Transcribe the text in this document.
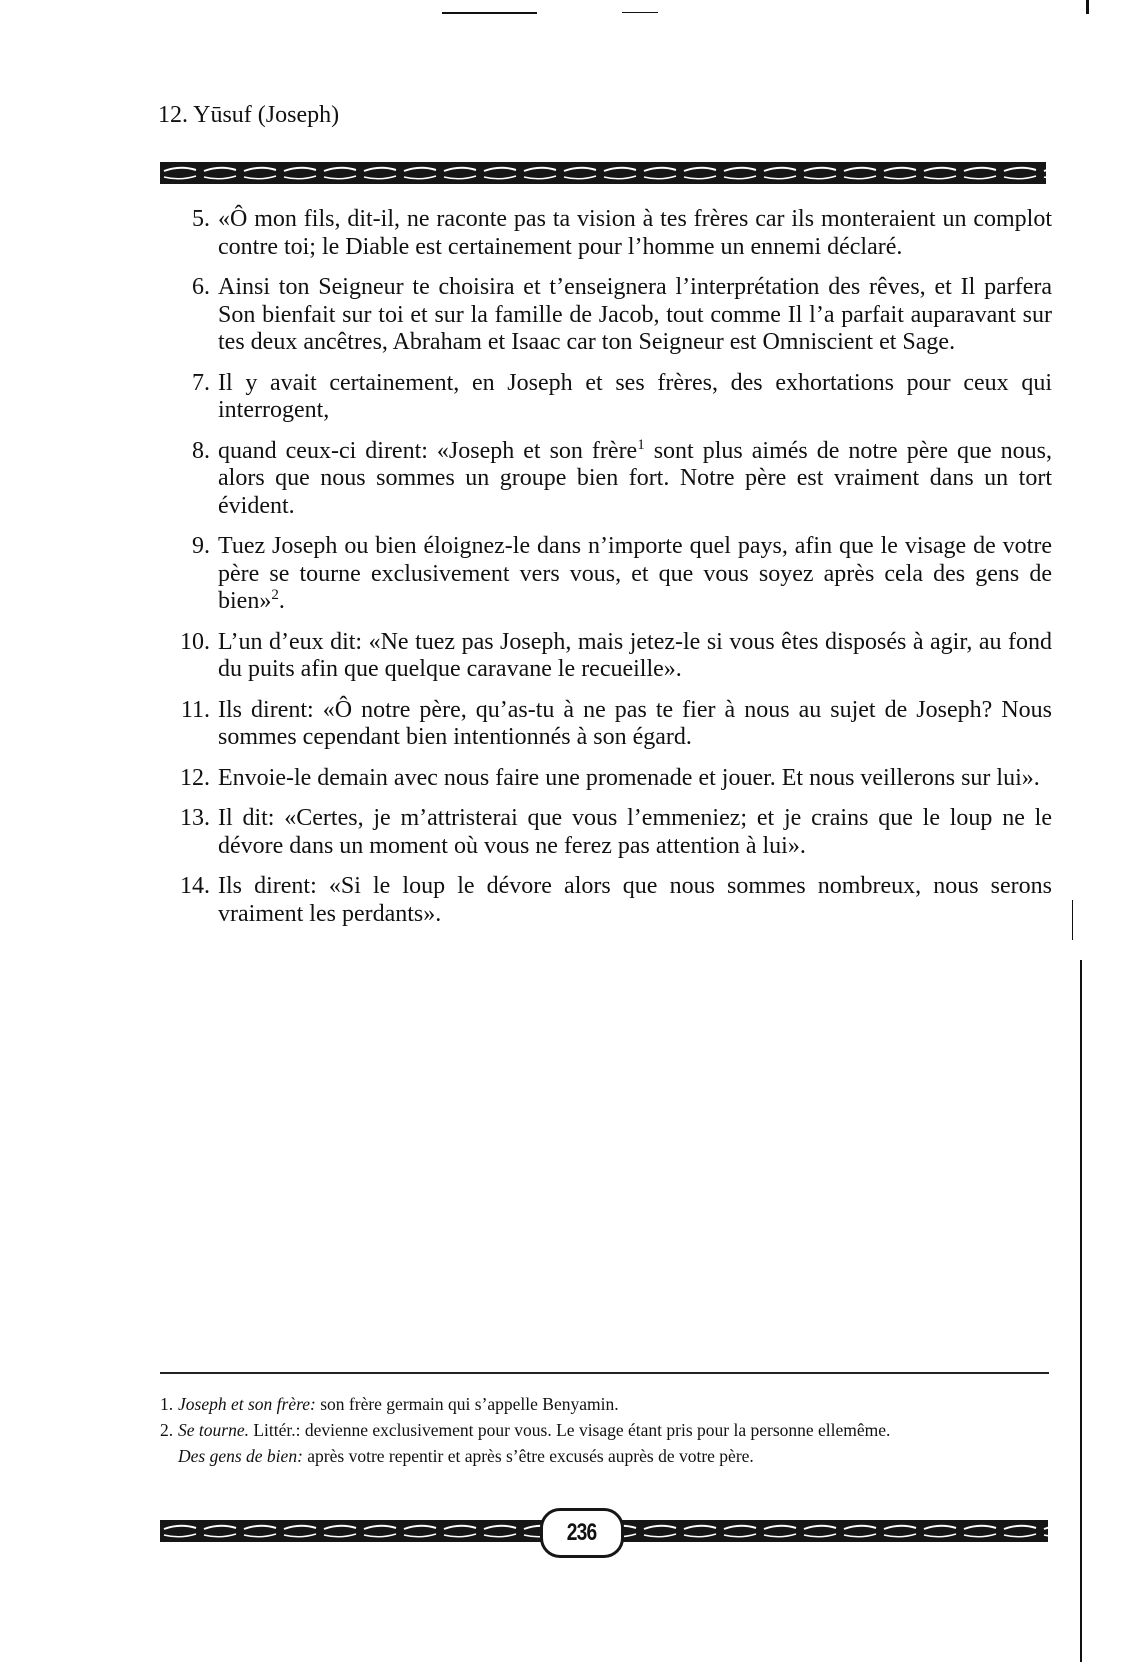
12. Yūsuf (Joseph)
5. «Ô mon fils, dit-il, ne raconte pas ta vision à tes frères car ils monteraient un complot contre toi; le Diable est certainement pour l’homme un ennemi déclaré.
6. Ainsi ton Seigneur te choisira et t’enseignera l’interprétation des rêves, et Il parfera Son bienfait sur toi et sur la famille de Jacob, tout comme Il l’a parfait auparavant sur tes deux ancêtres, Abraham et Isaac car ton Seigneur est Omniscient et Sage.
7. Il y avait certainement, en Joseph et ses frères, des exhortations pour ceux qui interrogent,
8. quand ceux-ci dirent: «Joseph et son frère$^1$ sont plus aimés de notre père que nous, alors que nous sommes un groupe bien fort. Notre père est vraiment dans un tort évident.
9. Tuez Joseph ou bien éloignez-le dans n’importe quel pays, afin que le visage de votre père se tourne exclusivement vers vous, et que vous soyez après cela des gens de bien»$^2$.
10. L’un d’eux dit: «Ne tuez pas Joseph, mais jetez-le si vous êtes disposés à agir, au fond du puits afin que quelque caravane le recueille».
11. Ils dirent: «Ô notre père, qu’as-tu à ne pas te fier à nous au sujet de Joseph? Nous sommes cependant bien intentionnés à son égard.
12. Envoie-le demain avec nous faire une promenade et jouer. Et nous veillerons sur lui».
13. Il dit: «Certes, je m’attristerai que vous l’emmeniez; et je crains que le loup ne le dévore dans un moment où vous ne ferez pas attention à lui».
14. Ils dirent: «Si le loup le dévore alors que nous sommes nombreux, nous serons vraiment les perdants».
1. Joseph et son frère: son frère germain qui s’appelle Benyamin.
2. Se tourne. Littér.: devienne exclusivement pour vous. Le visage étant pris pour la personne ellemême.
Des gens de bien: après votre repentir et après s’être excusés auprès de votre père.
236
